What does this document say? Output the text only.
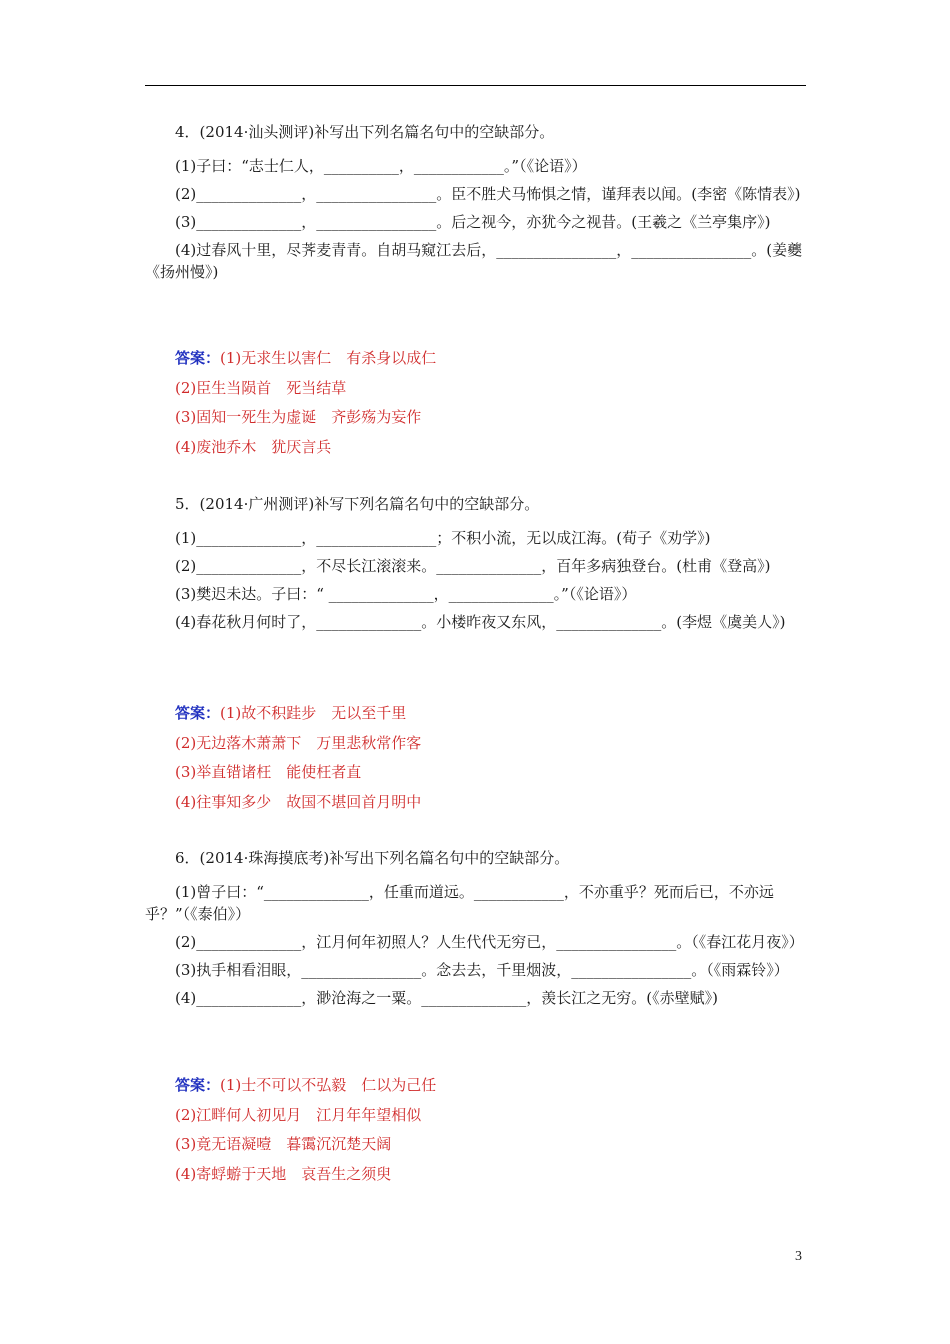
4．(2014·汕头测评)补写出下列名篇名句中的空缺部分。
(1)子曰：“志士仁人，__________，____________。”（《论语》）
(2)______________，________________。臣不胜犬马怖惧之情，谨拜表以闻。(李密《陈情表》)
(3)______________，________________。后之视今，亦犹今之视昔。(王羲之《兰亭集序》)
(4)过春风十里，尽荠麦青青。自胡马窥江去后，________________，________________。(姜夔《扬州慢》)
答案：(1)无求生以害仁　有杀身以成仁
(2)臣生当陨首　死当结草
(3)固知一死生为虚诞　齐彭殇为妄作
(4)废池乔木　犹厌言兵
5．(2014·广州测评)补写下列名篇名句中的空缺部分。
(1)______________，________________；不积小流，无以成江海。(荀子《劝学》)
(2)______________，不尽长江滚滚来。______________，百年多病独登台。(杜甫《登高》)
(3)樊迟未达。子曰：“ ______________，______________。”（《论语》）
(4)春花秋月何时了，______________。小楼昨夜又东风，______________。(李煜《虞美人》)
答案：(1)故不积跬步　无以至千里
(2)无边落木萧萧下　万里悲秋常作客
(3)举直错诸枉　能使枉者直
(4)往事知多少　故国不堪回首月明中
6．(2014·珠海摸底考)补写出下列名篇名句中的空缺部分。
(1)曾子曰：“______________，任重而道远。____________，不亦重乎？死而后已，不亦远乎？”（《泰伯》）
(2)______________，江月何年初照人？人生代代无穷已，________________。（《春江花月夜》）
(3)执手相看泪眼，________________。念去去，千里烟波，________________。（《雨霖铃》）
(4)______________，渺沧海之一粟。______________，羡长江之无穷。(《赤壁赋》)
答案：(1)士不可以不弘毅　仁以为己任
(2)江畔何人初见月　江月年年望相似
(3)竟无语凝噎　暮霭沉沉楚天阔
(4)寄蜉蝣于天地　哀吾生之须臾
3
